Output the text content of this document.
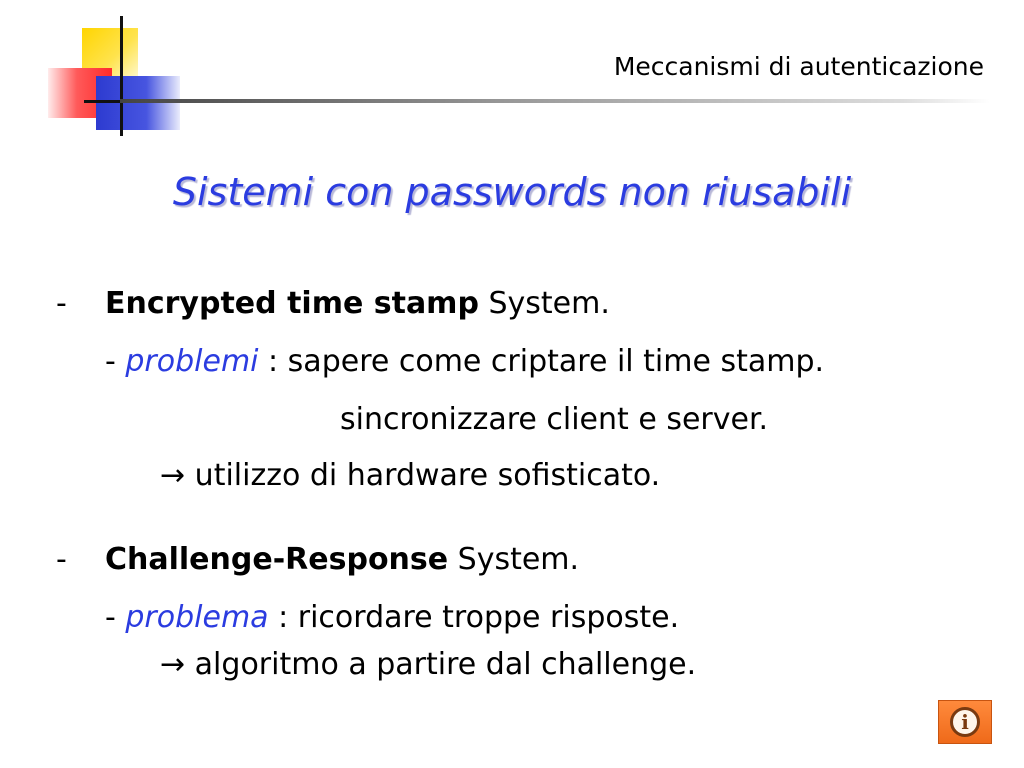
Meccanismi di autenticazione
Sistemi con passwords non riusabili
- Encrypted time stamp System.
- problemi : sapere come criptare il time stamp.
sincronizzare client e server.
→ utilizzo di hardware sofisticato.
- Challenge-Response System.
- problema : ricordare troppe risposte.
→ algoritmo a partire dal challenge.
i
